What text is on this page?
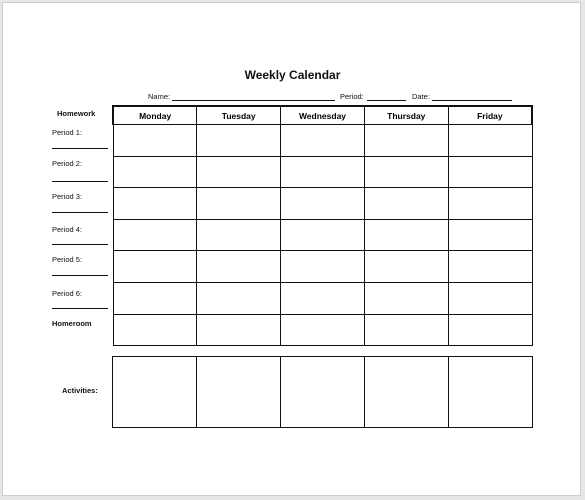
Weekly Calendar
Name:	Period:	Date:
Homework
Period 1:
Period 2:
Period 3:
Period 4:
Period 5:
Period 6:
Homeroom
Activities:
Monday	Tuesday	Wednesday	Thursday	Friday
